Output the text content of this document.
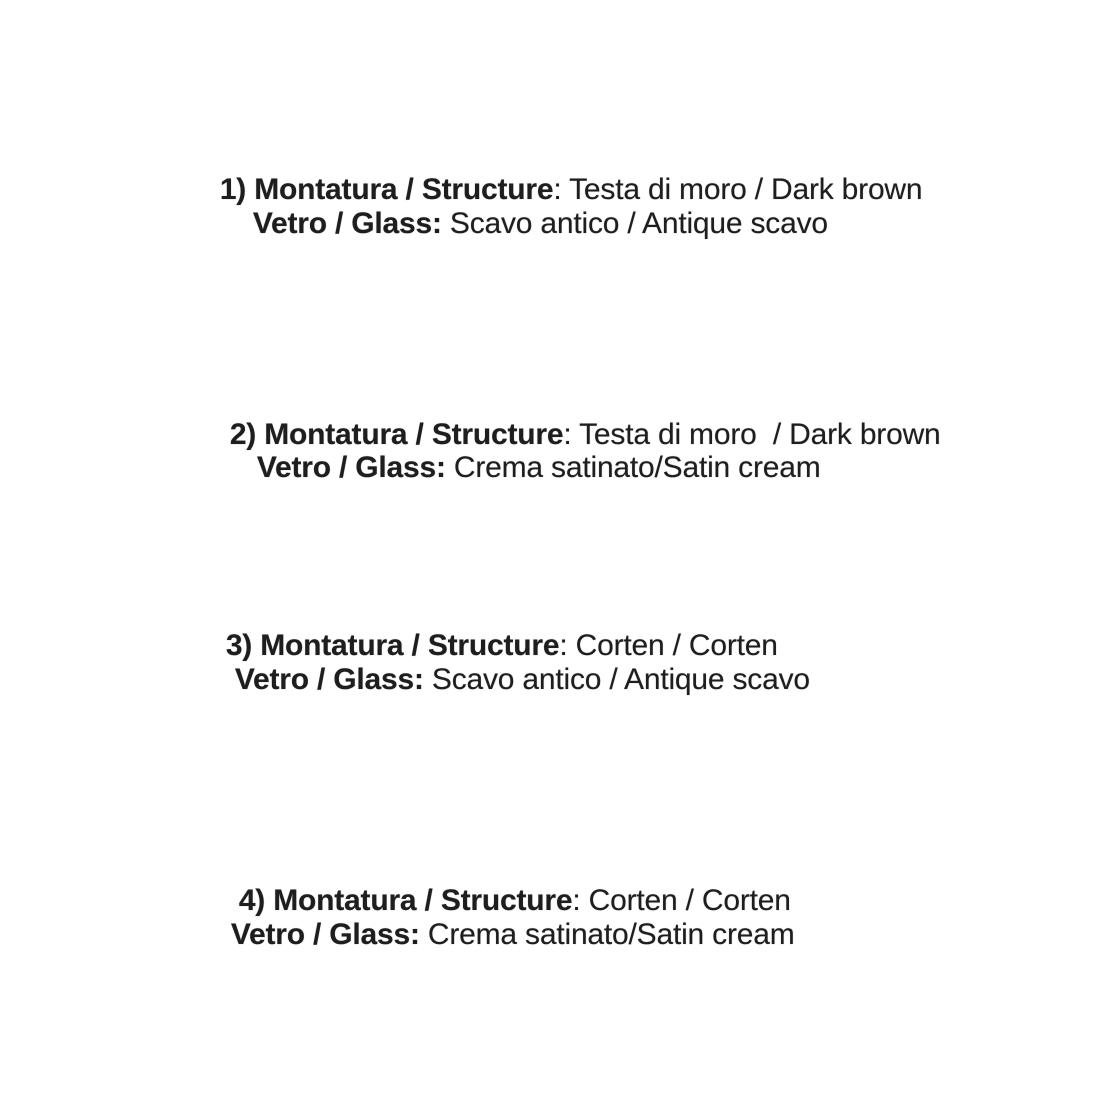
1) Montatura / Structure: Testa di moro / Dark brown

Vetro / Glass: Scavo antico / Antique scavo

2) Montatura / Structure: Testa di moro  / Dark brown

Vetro / Glass: Crema satinato/Satin cream

3) Montatura / Structure: Corten / Corten

Vetro / Glass: Scavo antico / Antique scavo

4) Montatura / Structure: Corten / Corten

Vetro / Glass: Crema satinato/Satin cream
